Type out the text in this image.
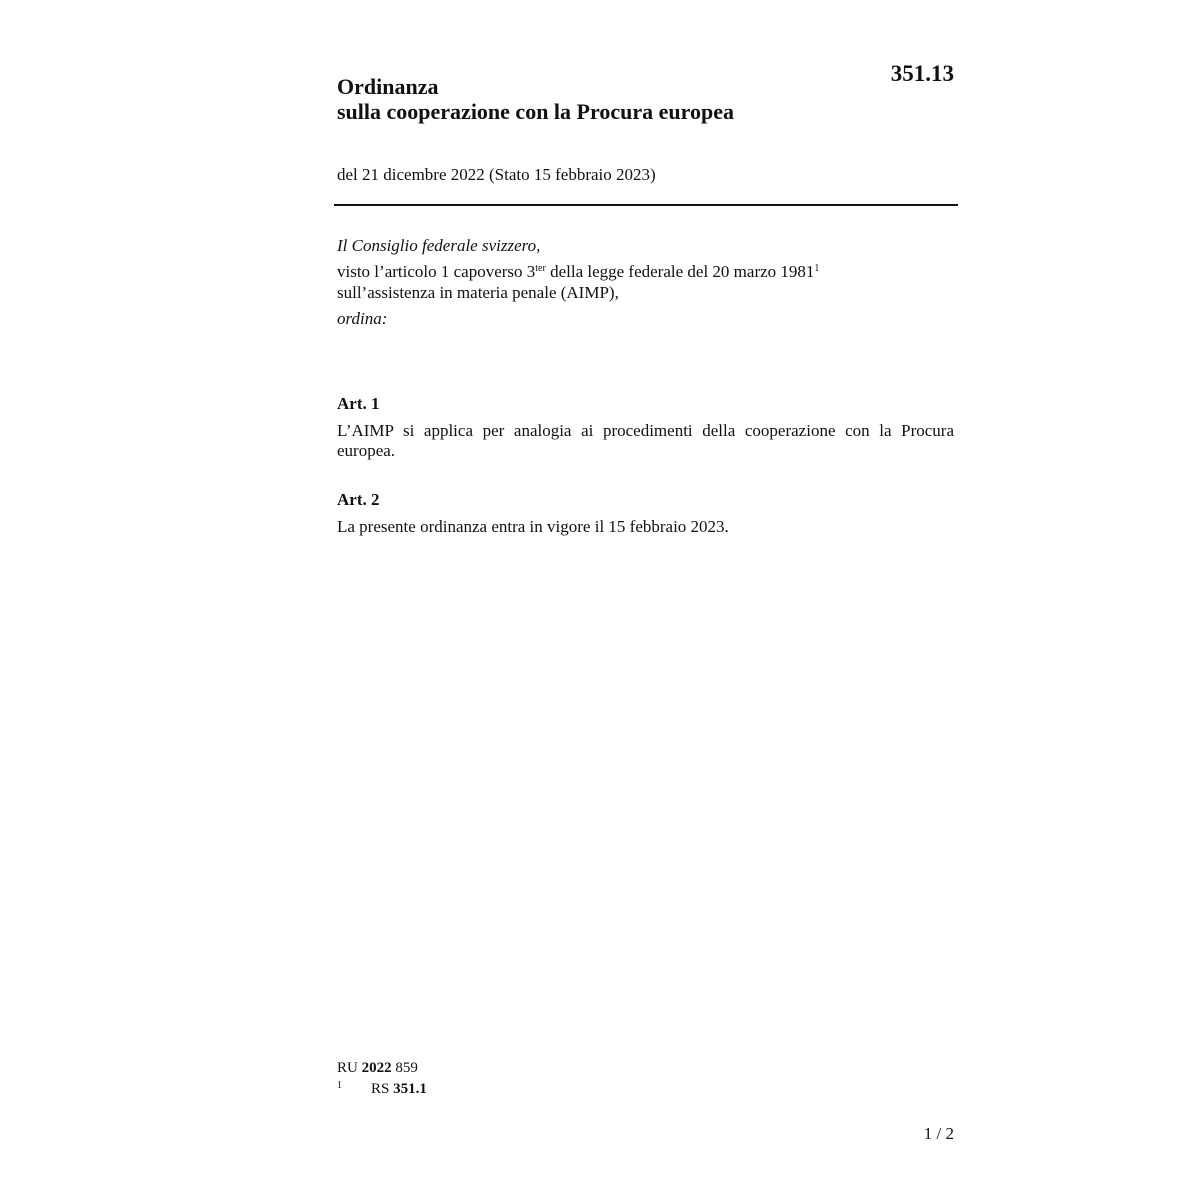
351.13

Ordinanza

sulla cooperazione con la Procura europea

del 21 dicembre 2022 (Stato 15 febbraio 2023)
Il Consiglio federale svizzero,
visto l’articolo 1 capoverso $3^{ter}$ della legge federale del 20 marzo 1981$^1$
sull’assistenza in materia penale (AIMP),
ordina:
Art. 1
L’AIMP si applica per analogia ai procedimenti della cooperazione con la Procura europea.
Art. 2
La presente ordinanza entra in vigore il 15 febbraio 2023.
RU 2022 859
1	RS
351.1
1 / 2
